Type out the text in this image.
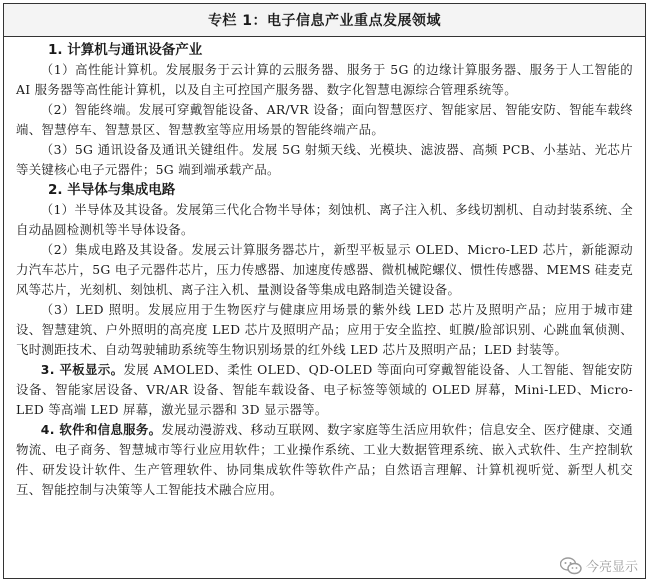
专栏 1：电子信息产业重点发展领域
1. 计算机与通讯设备产业

（1）高性能计算机。发展服务于云计算的云服务器、服务于 5G 的边缘计算服务器、服务于人工智能的 AI 服务器等高性能计算机，以及自主可控国产服务器、数字化智慧电源综合管理系统等。

（2）智能终端。发展可穿戴智能设备、AR/VR 设备；面向智慧医疗、智能家居、智能安防、智能车载终端、智慧停车、智慧景区、智慧教室等应用场景的智能终端产品。

（3）5G 通讯设备及通讯关键组件。发展 5G 射频天线、光模块、滤波器、高频 PCB、小基站、光芯片等关键核心电子元器件；5G 端到端承载产品。

2. 半导体与集成电路

（1）半导体及其设备。发展第三代化合物半导体；刻蚀机、离子注入机、多线切割机、自动封装系统、全自动晶圆检测机等半导体设备。

（2）集成电路及其设备。发展云计算服务器芯片，新型平板显示 OLED、Micro-LED 芯片，新能源动力汽车芯片，5G 电子元器件芯片，压力传感器、加速度传感器、微机械陀螺仪、惯性传感器、MEMS 硅麦克风等芯片，光刻机、刻蚀机、离子注入机、量测设备等集成电路制造关键设备。

（3）LED 照明。发展应用于生物医疗与健康应用场景的紫外线 LED 芯片及照明产品；应用于城市建设、智慧建筑、户外照明的高亮度 LED 芯片及照明产品；应用于安全监控、虹膜/脸部识别、心跳血氧侦测、飞时测距技术、自动驾驶辅助系统等生物识别场景的红外线 LED 芯片及照明产品；LED 封装等。

3. 平板显示。发展 AMOLED、柔性 OLED、QD-OLED 等面向可穿戴智能设备、人工智能、智能安防设备、智能家居设备、VR/AR 设备、智能车载设备、电子标签等领域的 OLED 屏幕，Mini-LED、Micro-LED 等高端 LED 屏幕，激光显示器和 3D 显示器等。

4. 软件和信息服务。发展动漫游戏、移动互联网、数字家庭等生活应用软件；信息安全、医疗健康、交通物流、电子商务、智慧城市等行业应用软件；工业操作系统、工业大数据管理系统、嵌入式软件、生产控制软件、研发设计软件、生产管理软件、协同集成软件等软件产品；自然语言理解、计算机视听觉、新型人机交互、智能控制与决策等人工智能技术融合应用。

今亮显示
